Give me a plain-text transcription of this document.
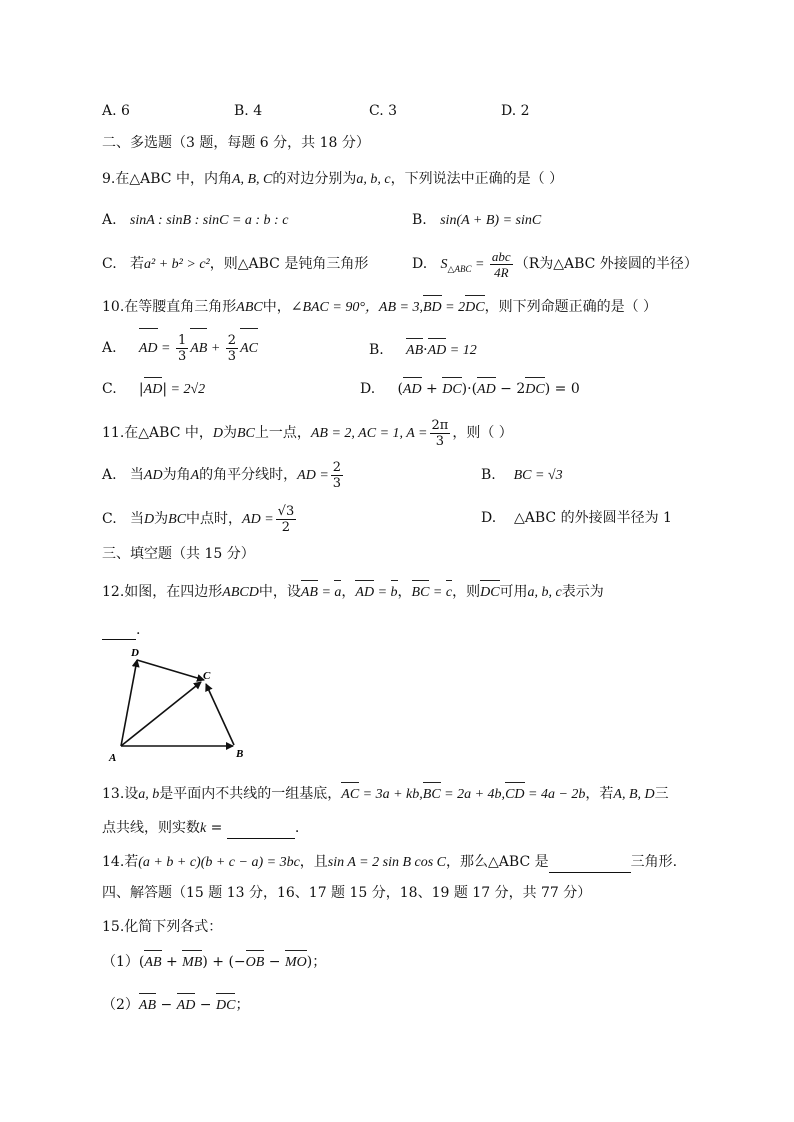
A. 6	B. 4	C. 3	D. 2
二、多选题（3 题，每题 6 分，共 18 分）
9.在△ABC 中，内角A, B, C的对边分别为a, b, c，下列说法中正确的是（ ）
A. sinA : sinB : sinC = a : b : c	B. sin(A + B) = sinC
C. 若a² + b² > c²，则△ABC 是钝角三角形	D. $S_{\triangle ABC} = \frac{\text{abc}}{4R} (R$为△ABC 外接圆的半径）
10.在等腰直角三角形ABC中，∠BAC = 90°，AB = 3,BD = 2DC，则下列命题正确的是（ ）
A. AD = $\frac{1}{3}$ AB + $\frac{2}{3}$ AC	B. AB·AD = 12
C.     |AD| = 2√2	D.     (AD + DC)·(AD − 2DC) = 0
11.在△ABC 中，D为BC上一点，AB = 2, AC = 1, $A = \frac{2\pi}{3}$ ，则（ ）
A. 当AD为角A的角平分线时，AD = $\frac{2}{3}$	B. BC = √3
C. 当D为BC中点时，AD = $\frac{√3}{2}$	D. △ABC 的外接圆半径为 1
三、填空题（共 15 分）
12.如图，在四边形ABCD中，设AB = a，AD = b，BC = c，则DC可用a, b, c表示为
.
A	B
C
D
13.设a, b是平面内不共线的一组基底，AC = 3a + kb,BC = 2a + 4b,CD = 4a − 2b，若A, B, D三
点共线，则实数k =	.
14.若(a + b + c)(b + c − a) = 3bc，且sin A = 2 sin B cos C，那么△ABC 是	三角形.
四、解答题（15 题 13 分，16、17 题 15 分，18、19 题 17 分，共 77 分）
15.化简下列各式：
（1）(AB + MB) + (−OB − MO)；
（2）AB − AD − DC；
